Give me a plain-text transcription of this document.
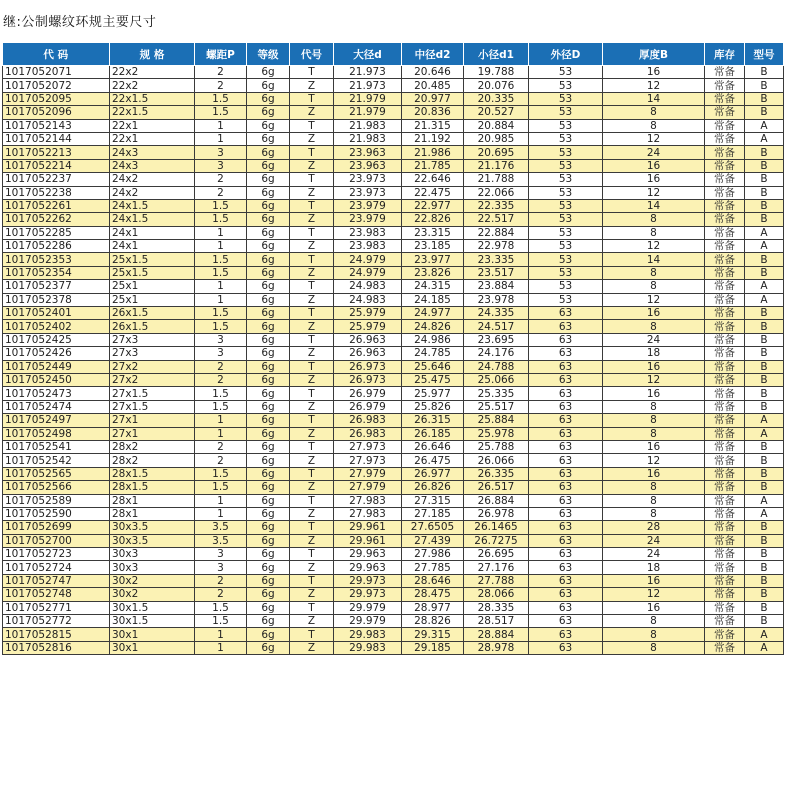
继:公制螺纹环规主要尺寸
代 码	规 格	螺距P	等级	代号	大径d	中径d2	小径d1	外径D	厚度B	库存	型号
1017052071	22x2	2	6g	T	21.973	20.646	19.788	53	16	常备	B
1017052072	22x2	2	6g	Z	21.973	20.485	20.076	53	12	常备	B
1017052095	22x1.5	1.5	6g	T	21.979	20.977	20.335	53	14	常备	B
1017052096	22x1.5	1.5	6g	Z	21.979	20.836	20.527	53	8	常备	B
1017052143	22x1	1	6g	T	21.983	21.315	20.884	53	8	常备	A
1017052144	22x1	1	6g	Z	21.983	21.192	20.985	53	12	常备	A
1017052213	24x3	3	6g	T	23.963	21.986	20.695	53	24	常备	B
1017052214	24x3	3	6g	Z	23.963	21.785	21.176	53	16	常备	B
1017052237	24x2	2	6g	T	23.973	22.646	21.788	53	16	常备	B
1017052238	24x2	2	6g	Z	23.973	22.475	22.066	53	12	常备	B
1017052261	24x1.5	1.5	6g	T	23.979	22.977	22.335	53	14	常备	B
1017052262	24x1.5	1.5	6g	Z	23.979	22.826	22.517	53	8	常备	B
1017052285	24x1	1	6g	T	23.983	23.315	22.884	53	8	常备	A
1017052286	24x1	1	6g	Z	23.983	23.185	22.978	53	12	常备	A
1017052353	25x1.5	1.5	6g	T	24.979	23.977	23.335	53	14	常备	B
1017052354	25x1.5	1.5	6g	Z	24.979	23.826	23.517	53	8	常备	B
1017052377	25x1	1	6g	T	24.983	24.315	23.884	53	8	常备	A
1017052378	25x1	1	6g	Z	24.983	24.185	23.978	53	12	常备	A
1017052401	26x1.5	1.5	6g	T	25.979	24.977	24.335	63	16	常备	B
1017052402	26x1.5	1.5	6g	Z	25.979	24.826	24.517	63	8	常备	B
1017052425	27x3	3	6g	T	26.963	24.986	23.695	63	24	常备	B
1017052426	27x3	3	6g	Z	26.963	24.785	24.176	63	18	常备	B
1017052449	27x2	2	6g	T	26.973	25.646	24.788	63	16	常备	B
1017052450	27x2	2	6g	Z	26.973	25.475	25.066	63	12	常备	B
1017052473	27x1.5	1.5	6g	T	26.979	25.977	25.335	63	16	常备	B
1017052474	27x1.5	1.5	6g	Z	26.979	25.826	25.517	63	8	常备	B
1017052497	27x1	1	6g	T	26.983	26.315	25.884	63	8	常备	A
1017052498	27x1	1	6g	Z	26.983	26.185	25.978	63	8	常备	A
1017052541	28x2	2	6g	T	27.973	26.646	25.788	63	16	常备	B
1017052542	28x2	2	6g	Z	27.973	26.475	26.066	63	12	常备	B
1017052565	28x1.5	1.5	6g	T	27.979	26.977	26.335	63	16	常备	B
1017052566	28x1.5	1.5	6g	Z	27.979	26.826	26.517	63	8	常备	B
1017052589	28x1	1	6g	T	27.983	27.315	26.884	63	8	常备	A
1017052590	28x1	1	6g	Z	27.983	27.185	26.978	63	8	常备	A
1017052699	30x3.5	3.5	6g	T	29.961	27.6505	26.1465	63	28	常备	B
1017052700	30x3.5	3.5	6g	Z	29.961	27.439	26.7275	63	24	常备	B
1017052723	30x3	3	6g	T	29.963	27.986	26.695	63	24	常备	B
1017052724	30x3	3	6g	Z	29.963	27.785	27.176	63	18	常备	B
1017052747	30x2	2	6g	T	29.973	28.646	27.788	63	16	常备	B
1017052748	30x2	2	6g	Z	29.973	28.475	28.066	63	12	常备	B
1017052771	30x1.5	1.5	6g	T	29.979	28.977	28.335	63	16	常备	B
1017052772	30x1.5	1.5	6g	Z	29.979	28.826	28.517	63	8	常备	B
1017052815	30x1	1	6g	T	29.983	29.315	28.884	63	8	常备	A
1017052816	30x1	1	6g	Z	29.983	29.185	28.978	63	8	常备	A
